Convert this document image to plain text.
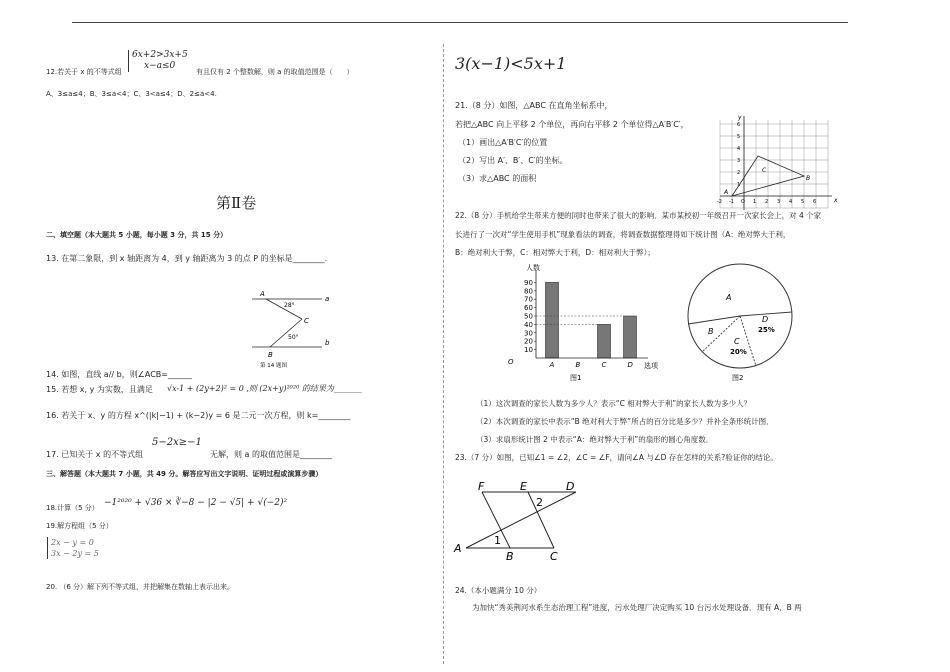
12.若关于 x 的不等式组
6x+2>3x+5
x−a≤0
有且仅有 2 个整数解，则 a 的取值范围是（　　）
A、3≤a≤4；B、3≤a<4；C、3<a≤4；D、2≤a<4.
第Ⅱ卷
二、填空题（本大题共 5 小题，每小题 3 分，共 15 分）
13. 在第二象限，到 x 轴距离为 4，到 y 轴距离为 3 的点 P 的坐标是________.
A
a
28°
C
50°
b
B
第 14 题图
14. 如图，直线 a// b，则∠ACB=______
15. 若想 x, y 为实数，且满足 √x-1 + (2y+2)² = 0 ,则 (2x+y)²⁰²⁰ 的结果为_______
16. 若关于 x、y 的方程 x^(|k|−1) + (k−2)y = 6 是二元一次方程，则 k=________
17. 已知关于 x 的不等式组
5−2x≥−1
无解，则 a 的取值范围是________
三、解答题（本大题共 7 小题，共 49 分。解答应写出文字说明、证明过程或演算步骤）
18.计算（5 分） −1²⁰²⁰ + √36 × ∛−8 − |2 − √5| + √(−2)²
19.解方程组（5 分）
2x − y = 0
3x − 2y = 5
20. （6 分）解下列不等式组，并把解集在数轴上表示出来。
3(x−1)<5x+1
21.（8 分）如图，△ABC 在直角坐标系中，
若把△ABC 向上平移 2 个单位，再向右平移 2 个单位得△A′B′C′，
（1）画出△A′B′C′的位置
（2）写出 A′、B′、C′的坐标。
（3）求△ABC 的面积
x
y
6
5
4
3
2
1
-2 -1 O 1 2 3 4 5 6
A
B
C
22.（8 分）手机给学生带来方便的同时也带来了很大的影响．某市某校初一年级召开一次家长会上，对 4 个家
长进行了一次对“学生使用手机”现象看法的调查，将调查数据整理得如下统计图（A：绝对弊大于利，
B：绝对利大于弊，C：相对弊大于利，D：相对利大于弊）；
10
20
30
40
50
60
70
80
90
A	B	C	D
人数
选项
O
图1
A
B
C
20%
D
25%
图2
（1）这次调查的家长人数为多少人？表示“C 相对弊大于利”的家长人数为多少人？
（2）本次调查的家长中表示“B 绝对利大于弊”所占的百分比是多少？并补全条形统计图．
（3）求扇形统计图 2 中表示“A：绝对弊大于利”的扇形的圆心角度数．
23.（7 分）如图，已知∠1 = ∠2，∠C = ∠F，请问∠A 与∠D 存在怎样的关系?验证你的结论。
F	E	D
2
1
A
B	C
24.（本小题满分 10 分）
为加快“秀美荆河水系生态治理工程”进度，污水处理厂决定购买 10 台污水处理设备．现有 A，B 两
